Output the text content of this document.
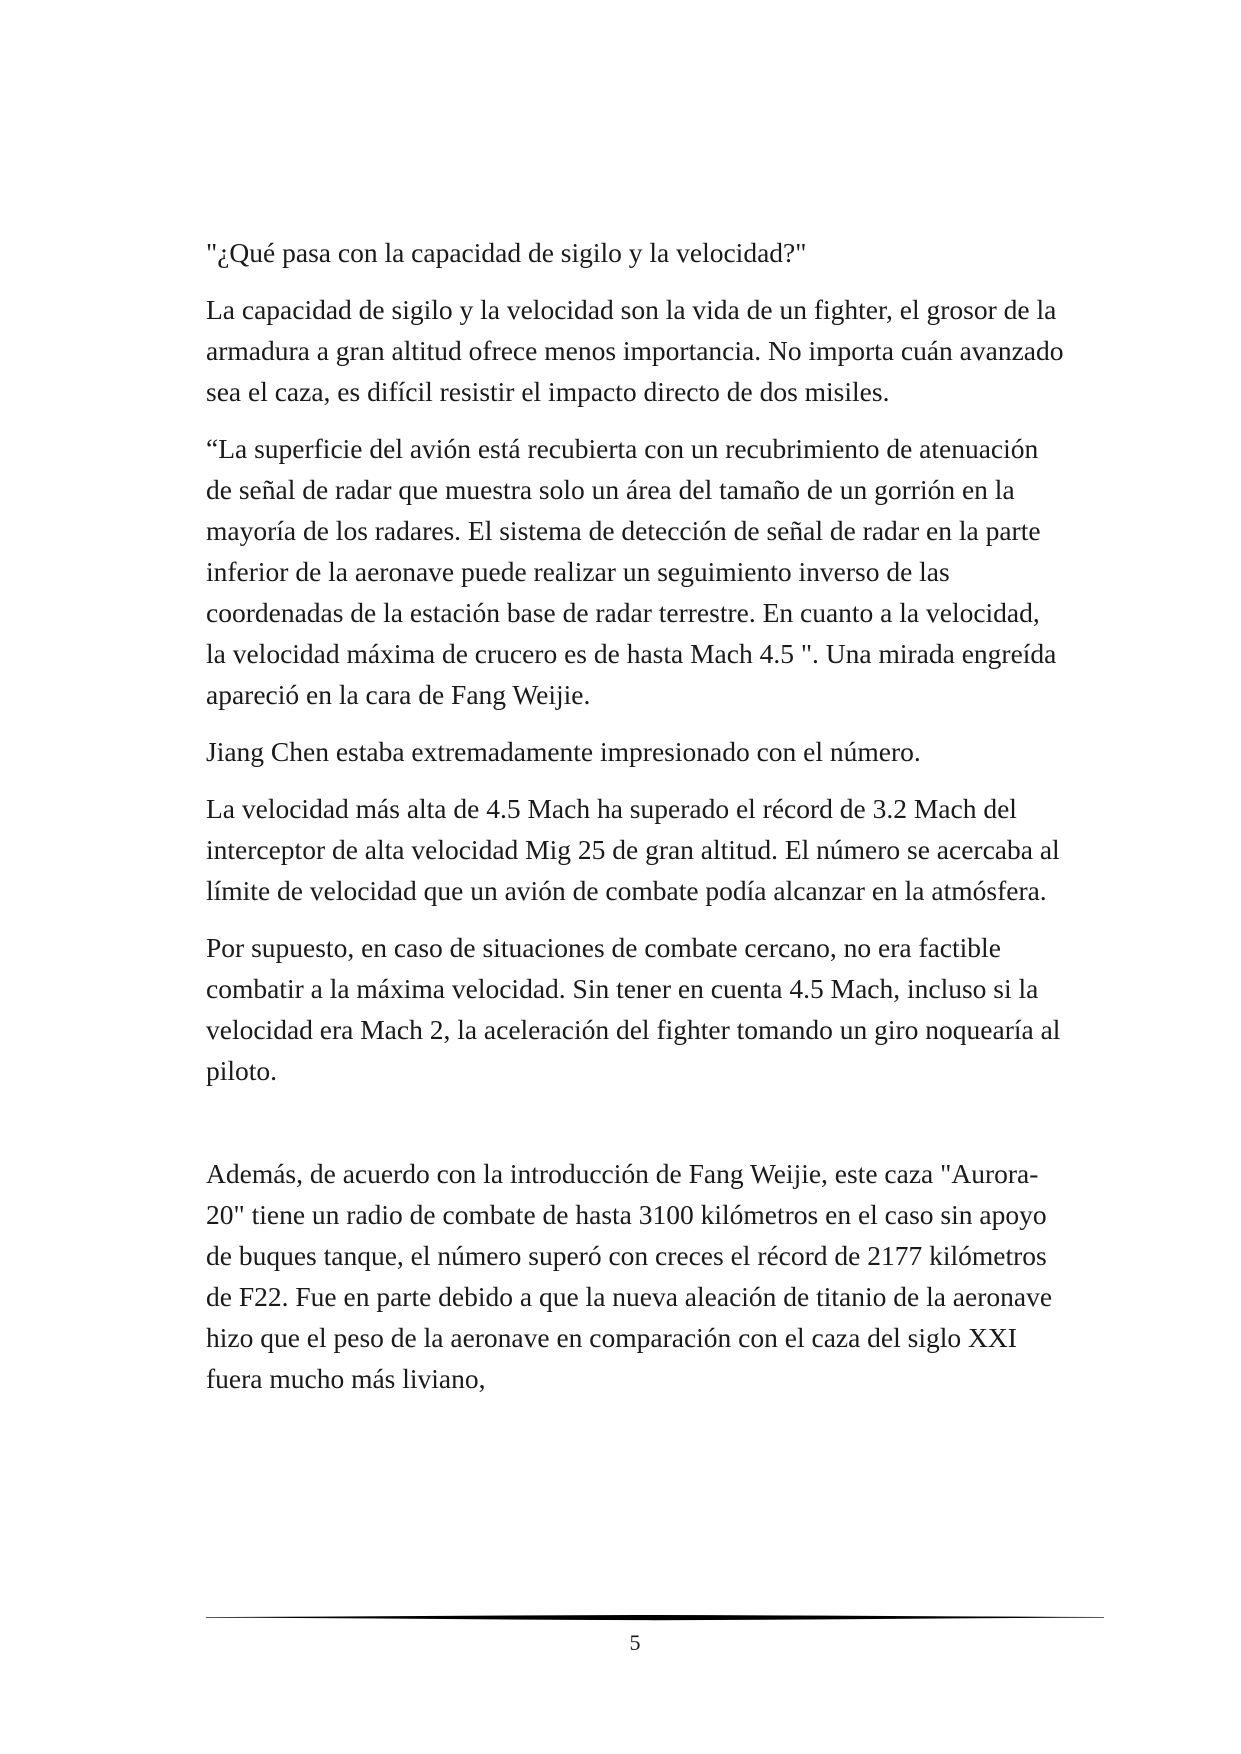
"¿Qué pasa con la capacidad de sigilo y la velocidad?"

La capacidad de sigilo y la velocidad son la vida de un fighter, el grosor de la armadura a gran altitud ofrece menos importancia. No importa cuán avanzado sea el caza, es difícil resistir el impacto directo de dos misiles.

“La superficie del avión está recubierta con un recubrimiento de atenuación de señal de radar que muestra solo un área del tamaño de un gorrión en la mayoría de los radares. El sistema de detección de señal de radar en la parte inferior de la aeronave puede realizar un seguimiento inverso de las coordenadas de la estación base de radar terrestre. En cuanto a la velocidad, la velocidad máxima de crucero es de hasta Mach 4.5 ". Una mirada engreída apareció en la cara de Fang Weijie.

Jiang Chen estaba extremadamente impresionado con el número.

La velocidad más alta de 4.5 Mach ha superado el récord de 3.2 Mach del interceptor de alta velocidad Mig 25 de gran altitud. El número se acercaba al límite de velocidad que un avión de combate podía alcanzar en la atmósfera.

Por supuesto, en caso de situaciones de combate cercano, no era factible combatir a la máxima velocidad. Sin tener en cuenta 4.5 Mach, incluso si la velocidad era Mach 2, la aceleración del fighter tomando un giro noquearía al piloto.

Además, de acuerdo con la introducción de Fang Weijie, este caza "Aurora-20" tiene un radio de combate de hasta 3100 kilómetros en el caso sin apoyo de buques tanque, el número superó con creces el récord de 2177 kilómetros de F22. Fue en parte debido a que la nueva aleación de titanio de la aeronave hizo que el peso de la aeronave en comparación con el caza del siglo XXI fuera mucho más liviano,

5
